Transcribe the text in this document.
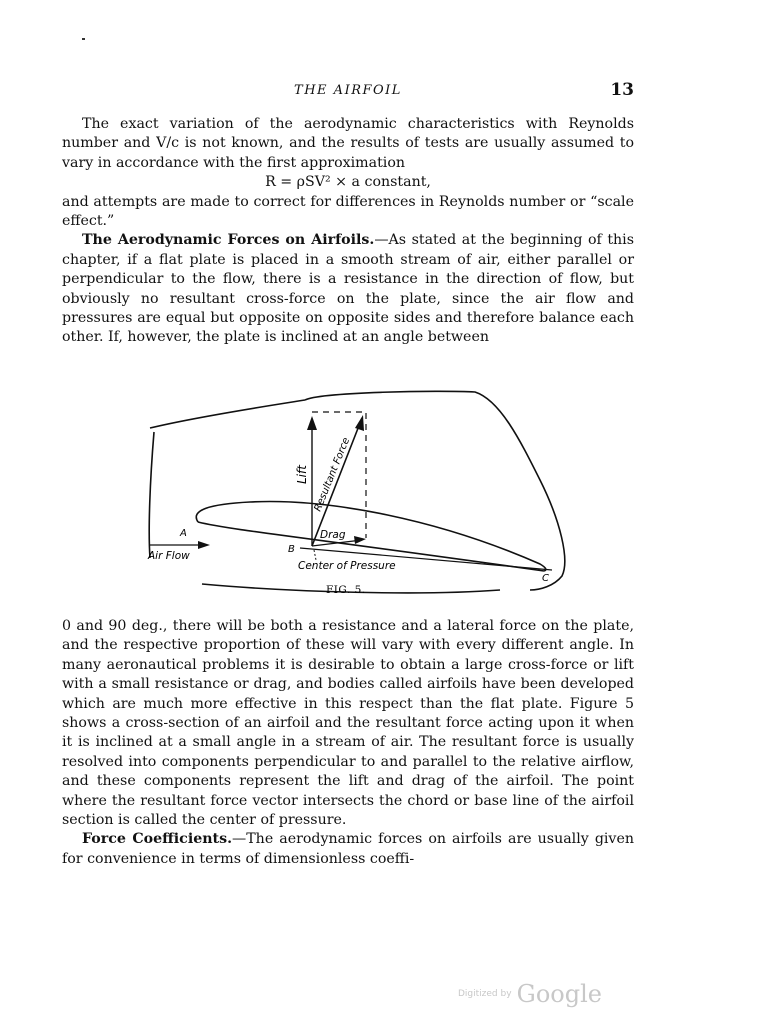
THE AIRFOIL	13

The exact variation of the aerodynamic characteristics with Reynolds number and V/c is not known, and the results of tests are usually assumed to vary in accordance with the first approximation

R = ρSV² × a constant,

and attempts are made to correct for differences in Reynolds number or “scale effect.”

The Aerodynamic Forces on Airfoils.—As stated at the beginning of this chapter, if a flat plate is placed in a smooth stream of air, either parallel or perpendicular to the flow, there is a resistance in the direction of flow, but obviously no resultant cross-force on the plate, since the air flow and pressures are equal but opposite on opposite sides and therefore balance each other. If, however, the plate is inclined at an angle between

Lift Resultant Force
Drag
Air Flow
Center of Pressure
A
B
C
FIG. 5.

0 and 90 deg., there will be both a resistance and a lateral force on the plate, and the respective proportion of these will vary with every different angle. In many aeronautical problems it is desirable to obtain a large cross-force or lift with a small resistance or drag, and bodies called airfoils have been developed which are much more effective in this respect than the flat plate. Figure 5 shows a cross-section of an airfoil and the resultant force acting upon it when it is inclined at a small angle in a stream of air. The resultant force is usually resolved into components perpendicular to and parallel to the relative airflow, and these components represent the lift and drag of the airfoil. The point where the resultant force vector intersects the chord or base line of the airfoil section is called the center of pressure.

Force Coefficients.—The aerodynamic forces on airfoils are usually given for convenience in terms of dimensionless coeffi-

Digitized by Google
